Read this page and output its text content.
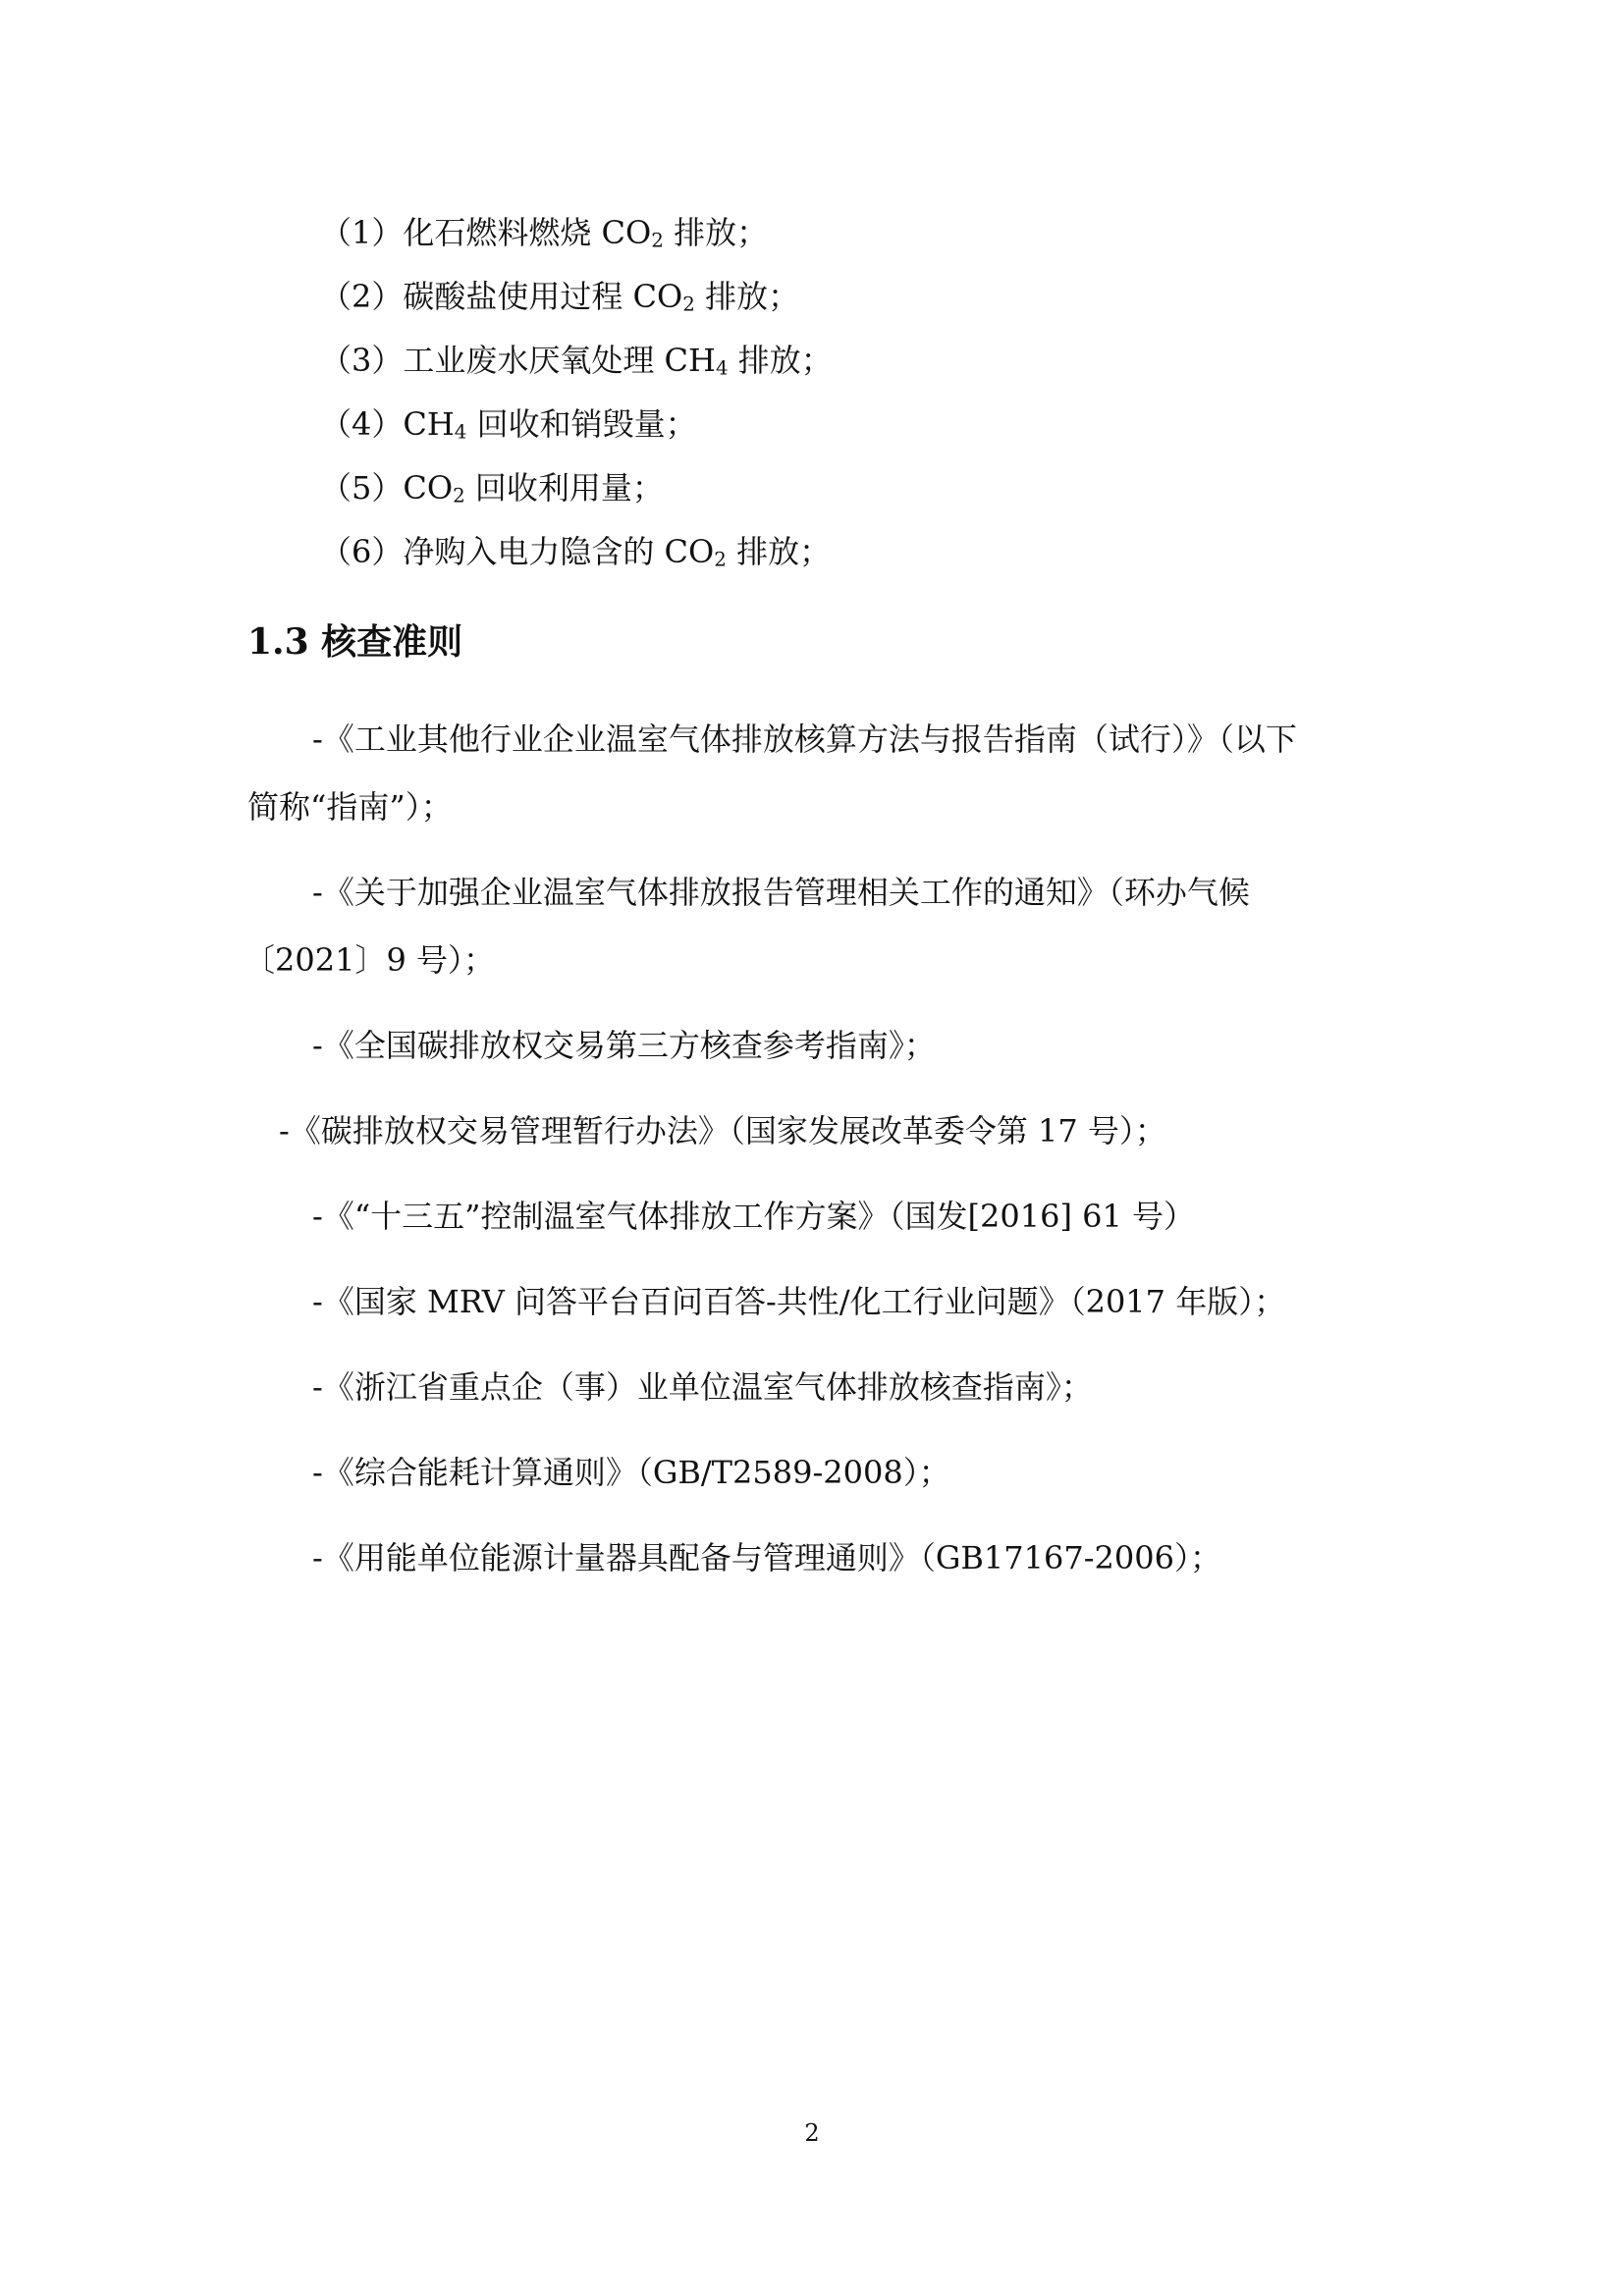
（1）化石燃料燃烧 $CO_2$ 排放；
（2）碳酸盐使用过程 $CO_2$ 排放；
（3）工业废水厌氧处理 $CH_4$ 排放；
$(4)CH_4$ 回收和销毁量；
$(5)CO_2$ 回收利用量；
（6）净购入电力隐含的 $CO_2$ 排放；
1.3 核查准则
-《工业其他行业企业温室气体排放核算方法与报告指南（试行）》（以下
简称“指南”）；
-《关于加强企业温室气体排放报告管理相关工作的通知》（环办气候
〔2021〕9 号）；
-《全国碳排放权交易第三方核查参考指南》；
-《碳排放权交易管理暂行办法》（国家发展改革委令第 17 号）；
-《“十三五”控制温室气体排放工作方案》（国发[2016] 61 号）
-《国家 MRV 问答平台百问百答-共性/化工行业问题》（2017 年版）；
-《浙江省重点企（事）业单位温室气体排放核查指南》；
-《综合能耗计算通则》（GB/T2589-2008）；
-《用能单位能源计量器具配备与管理通则》（GB17167-2006）；
2
